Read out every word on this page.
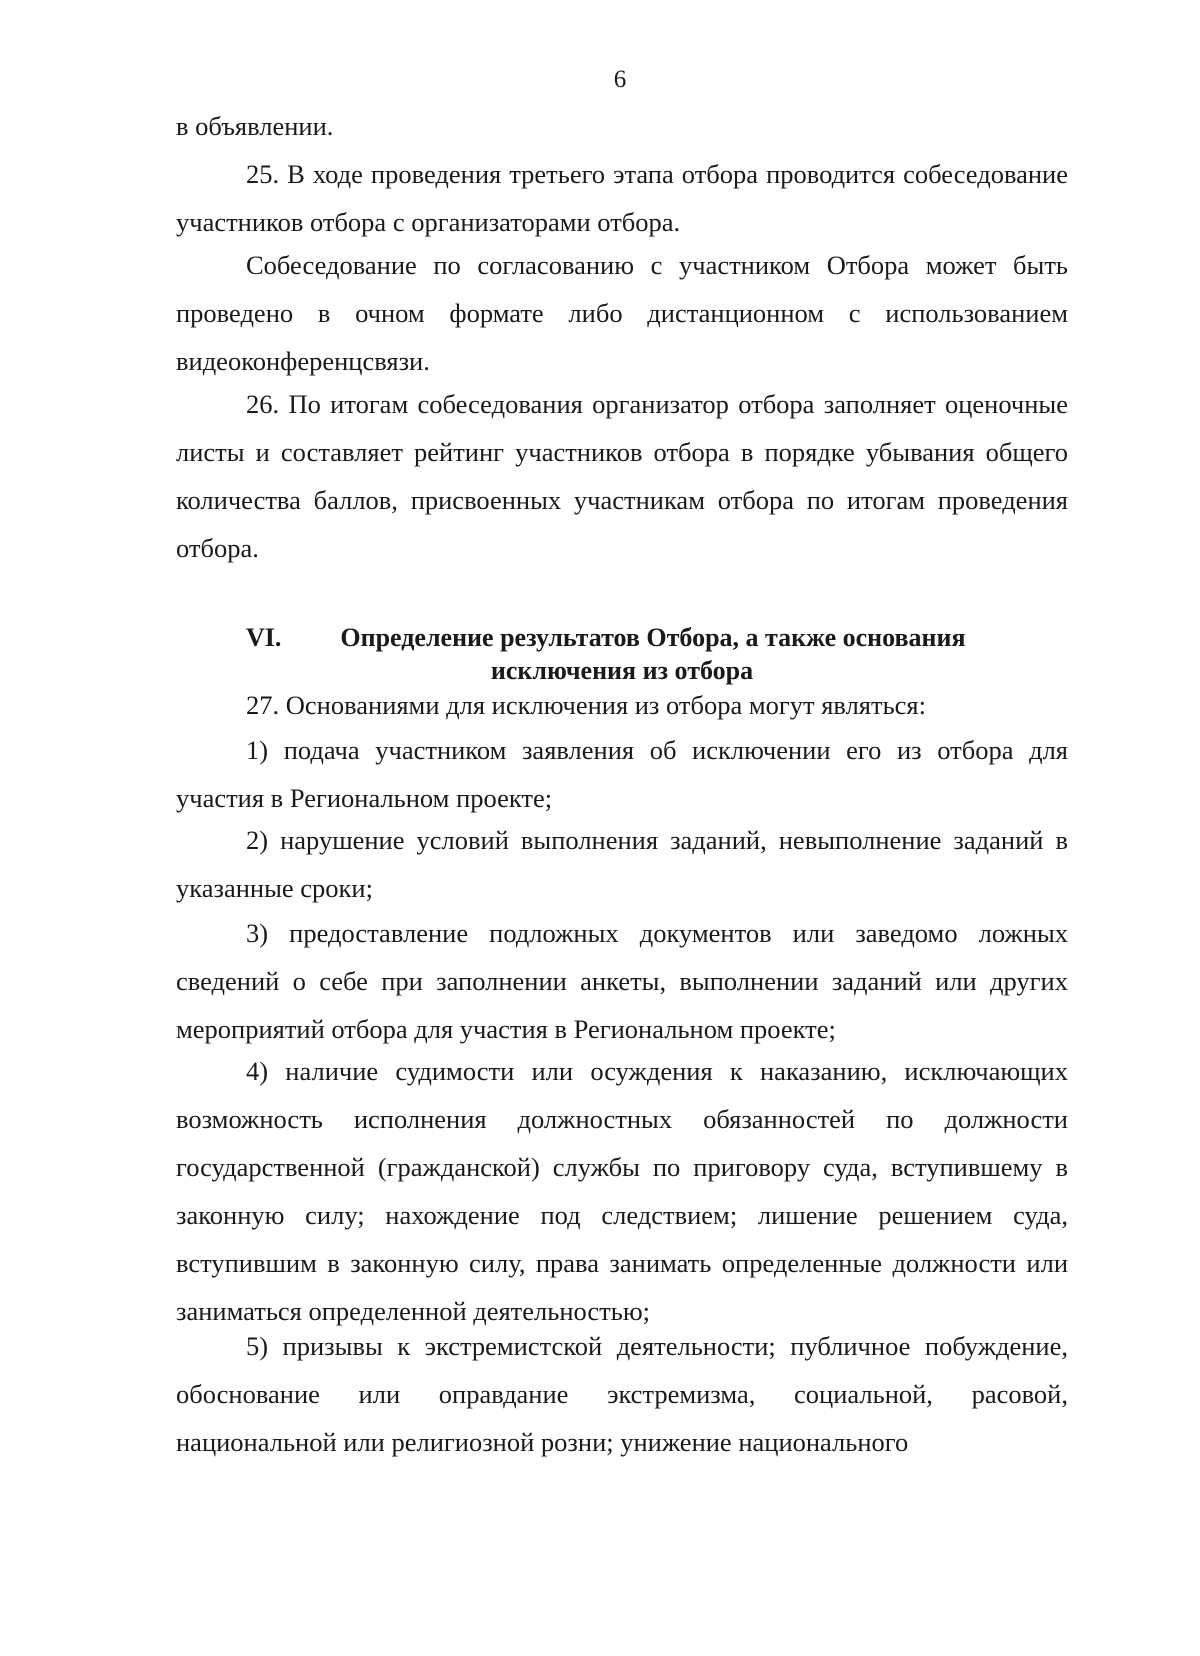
6

в объявлении.

25. В ходе проведения третьего этапа отбора проводится собеседование участников отбора с организаторами отбора.

Собеседование по согласованию с участником Отбора может быть проведено в очном формате либо дистанционном с использованием видеоконференцсвязи.

26. По итогам собеседования организатор отбора заполняет оценочные листы и составляет рейтинг участников отбора в порядке убывания общего количества баллов, присвоенных участникам отбора по итогам проведения отбора.

VI.	Определение результатов Отбора, а также основания
исключения из отбора

27. Основаниями для исключения из отбора могут являться:

1) подача участником заявления об исключении его из отбора для участия в Региональном проекте;

2) нарушение условий выполнения заданий, невыполнение заданий в указанные сроки;

3) предоставление подложных документов или заведомо ложных сведений о себе при заполнении анкеты, выполнении заданий или других мероприятий отбора для участия в Региональном проекте;

4) наличие судимости или осуждения к наказанию, исключающих возможность исполнения должностных обязанностей по должности государственной (гражданской) службы по приговору суда, вступившему в законную силу; нахождение под следствием; лишение решением суда, вступившим в законную силу, права занимать определенные должности или заниматься определенной деятельностью;

5) призывы к экстремистской деятельности; публичное побуждение, обоснование или оправдание экстремизма, социальной, расовой, национальной или религиозной розни; унижение национального
